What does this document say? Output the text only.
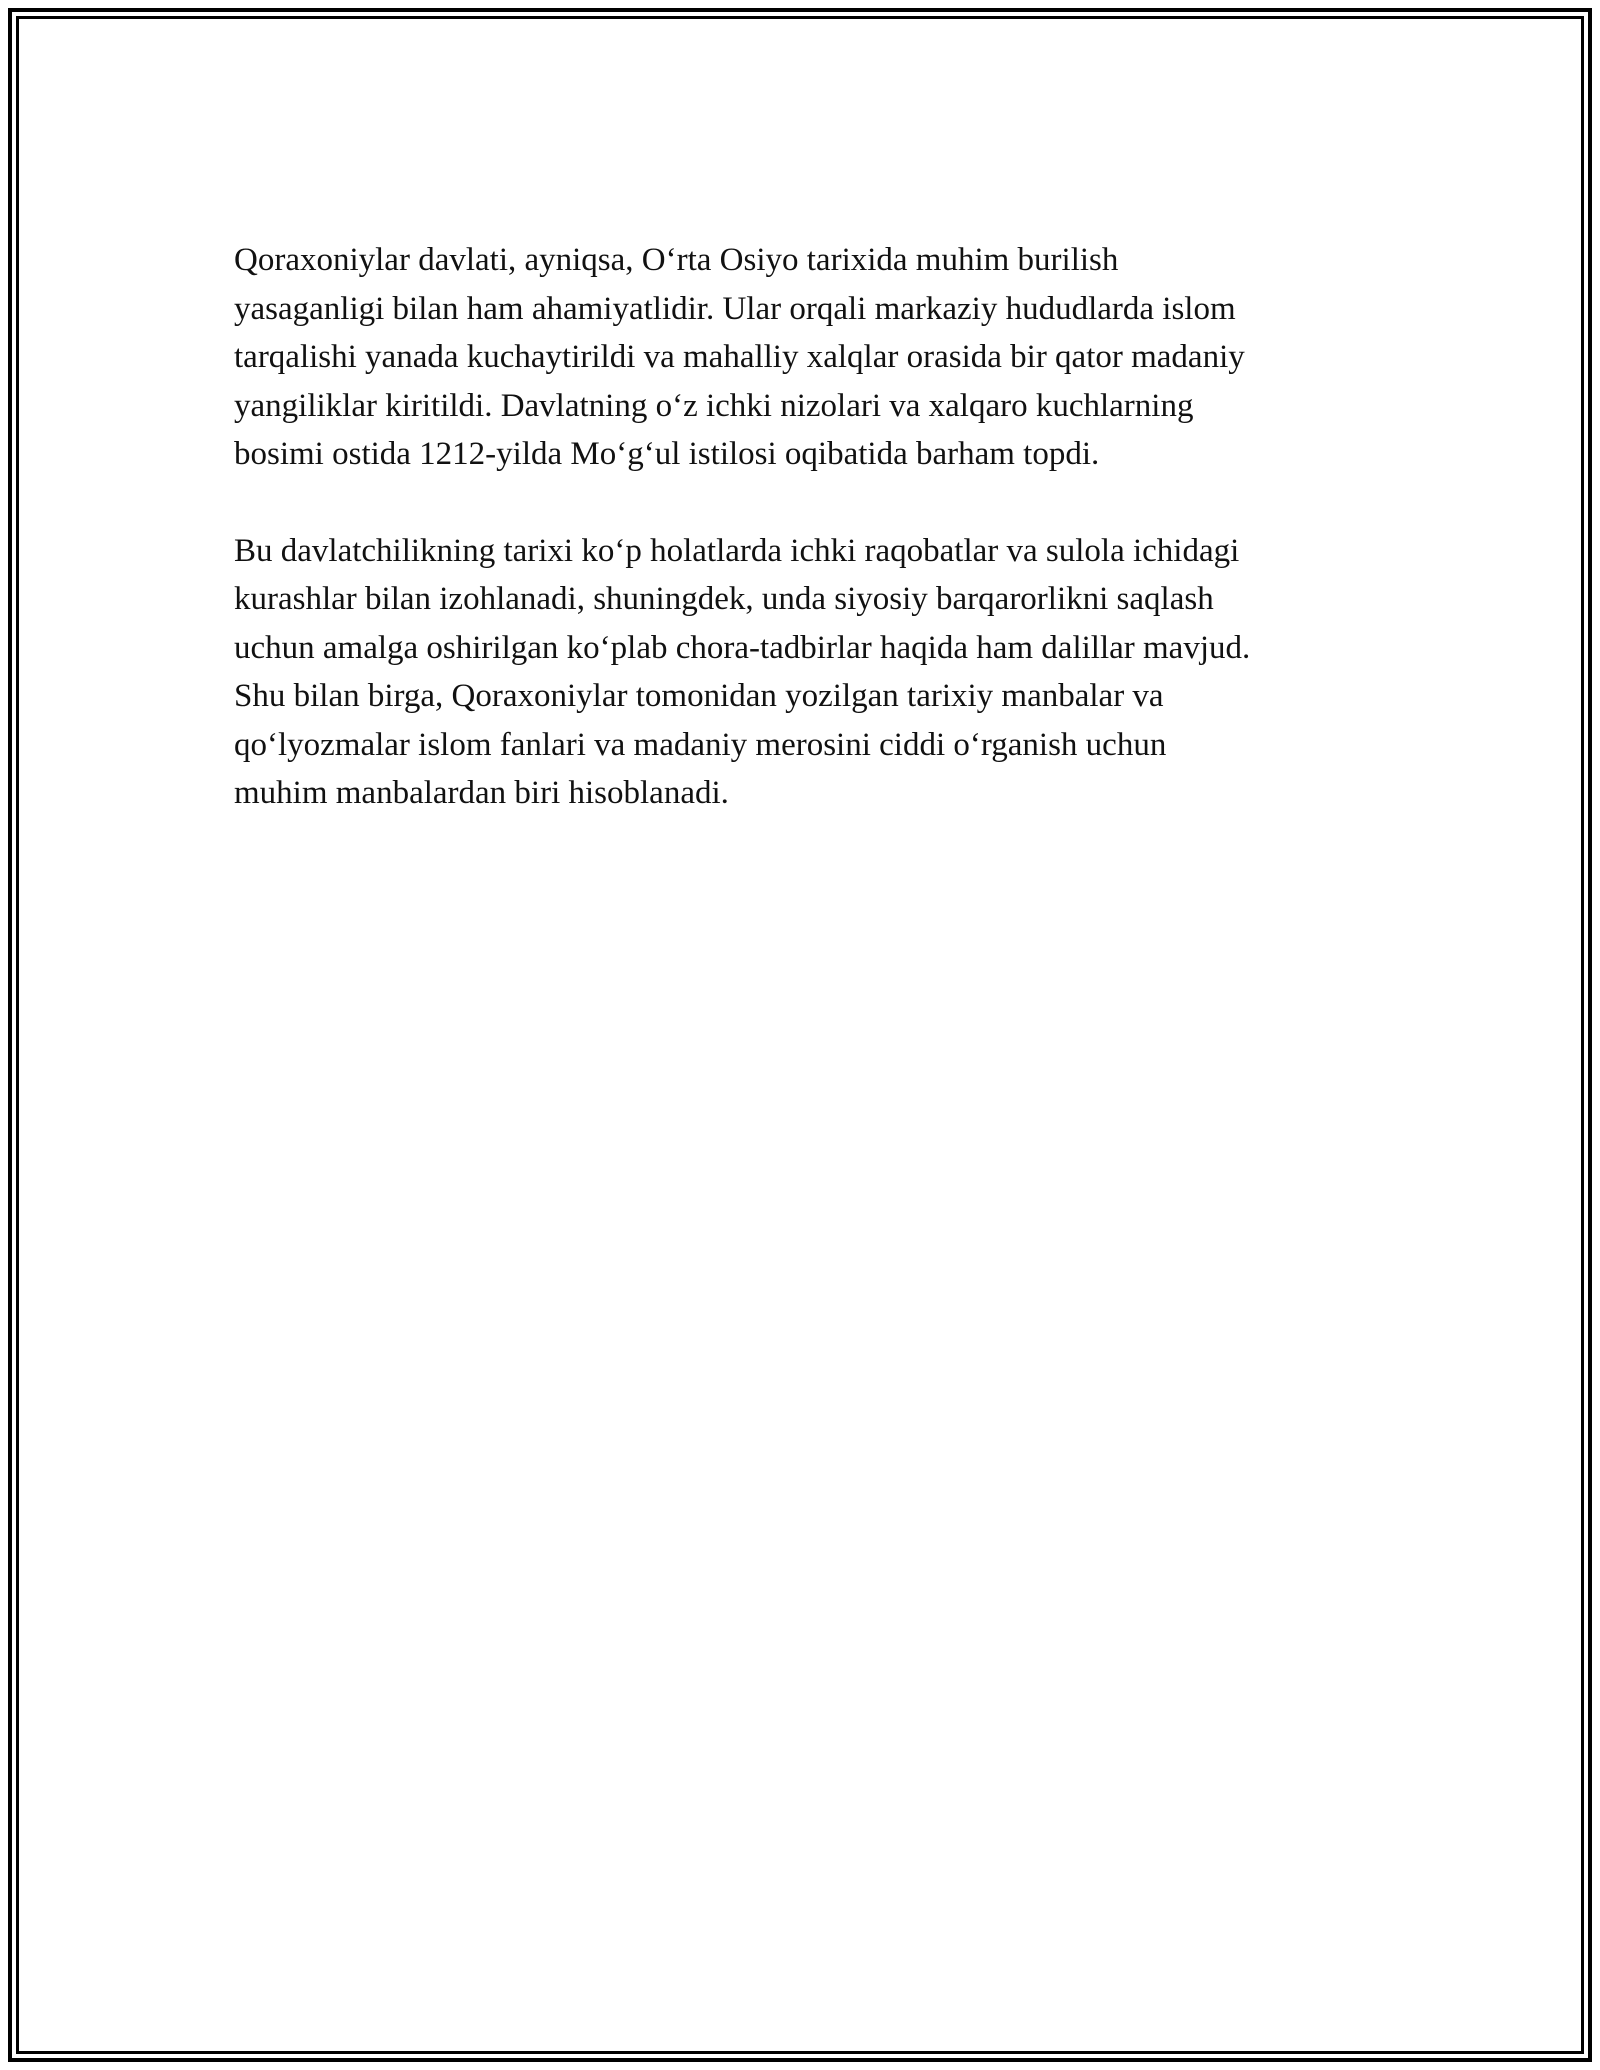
Qoraxoniylar davlati, ayniqsa, O‘rta Osiyo tarixida muhim burilish
yasaganligi bilan ham ahamiyatlidir. Ular orqali markaziy hududlarda islom
tarqalishi yanada kuchaytirildi va mahalliy xalqlar orasida bir qator madaniy
yangiliklar kiritildi. Davlatning o‘z ichki nizolari va xalqaro kuchlarning
bosimi ostida 1212-yilda Mo‘g‘ul istilosi oqibatida barham topdi.

Bu davlatchilikning tarixi ko‘p holatlarda ichki raqobatlar va sulola ichidagi
kurashlar bilan izohlanadi, shuningdek, unda siyosiy barqarorlikni saqlash
uchun amalga oshirilgan ko‘plab chora-tadbirlar haqida ham dalillar mavjud.
Shu bilan birga, Qoraxoniylar tomonidan yozilgan tarixiy manbalar va
qo‘lyozmalar islom fanlari va madaniy merosini ciddi o‘rganish uchun
muhim manbalardan biri hisoblanadi.
